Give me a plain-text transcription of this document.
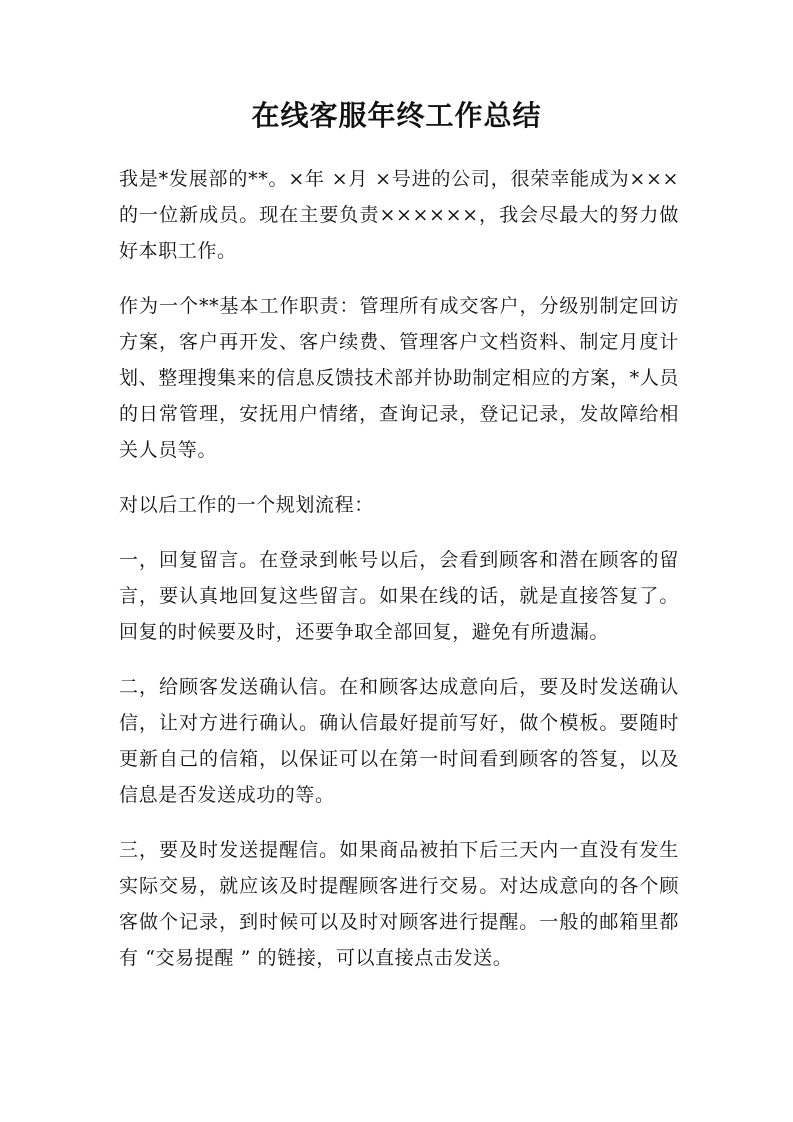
在线客服年终工作总结

我是*发展部的**。×年 ×月 ×号进的公司，很荣幸能成为×××的一位新成员。现在主要负责××××××，我会尽最大的努力做好本职工作。

作为一个**基本工作职责：管理所有成交客户，分级别制定回访方案，客户再开发、客户续费、管理客户文档资料、制定月度计划、整理搜集来的信息反馈技术部并协助制定相应的方案，*人员的日常管理，安抚用户情绪，查询记录，登记记录，发故障给相关人员等。

对以后工作的一个规划流程：

一，回复留言。在登录到帐号以后，会看到顾客和潜在顾客的留言，要认真地回复这些留言。如果在线的话，就是直接答复了。回复的时候要及时，还要争取全部回复，避免有所遗漏。

二，给顾客发送确认信。在和顾客达成意向后，要及时发送确认信，让对方进行确认。确认信最好提前写好，做个模板。要随时更新自己的信箱，以保证可以在第一时间看到顾客的答复，以及信息是否发送成功的等。

三，要及时发送提醒信。如果商品被拍下后三天内一直没有发生实际交易，就应该及时提醒顾客进行交易。对达成意向的各个顾客做个记录，到时候可以及时对顾客进行提醒。一般的邮箱里都有 “交易提醒 ” 的链接，可以直接点击发送。
